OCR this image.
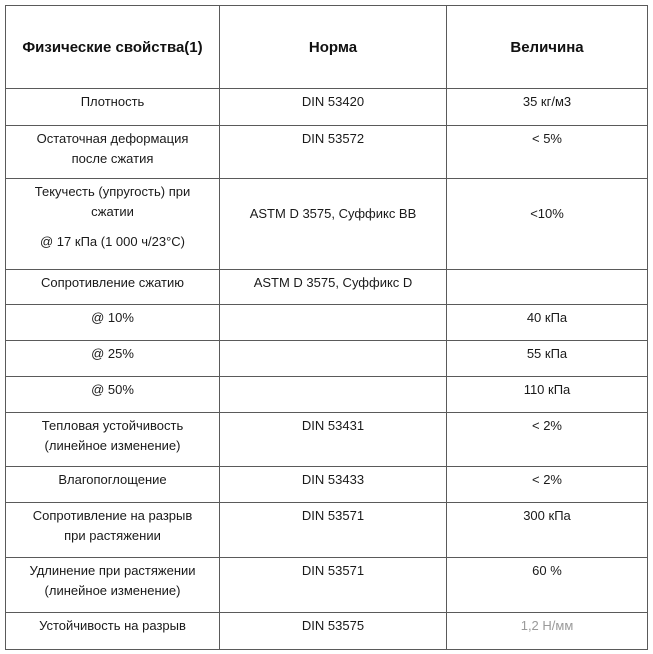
Физические свойства(1)	Норма	Величина

Плотность	DIN 53420	35 кг/м3

Остаточная деформация
после сжатия	DIN 53572	< 5%

Текучесть (упругость) при
сжатии
@ 17 кПа (1 000 ч/23°С)	ASTM D 3575, Суффикс ВВ	<10%

Сопротивление сжатию	ASTM D 3575, Суффикс D	

@ 10%		40 кПа

@ 25%		55 кПа

@ 50%		110 кПа

Тепловая устойчивость
(линейное изменение)	DIN 53431	< 2%

Влагопоглощение	DIN 53433	< 2%

Сопротивление на разрыв
при растяжении	DIN 53571	300 кПа

Удлинение при растяжении
(линейное изменение)	DIN 53571	60 %

Устойчивость на разрыв	DIN 53575	1,2 Н/мм
